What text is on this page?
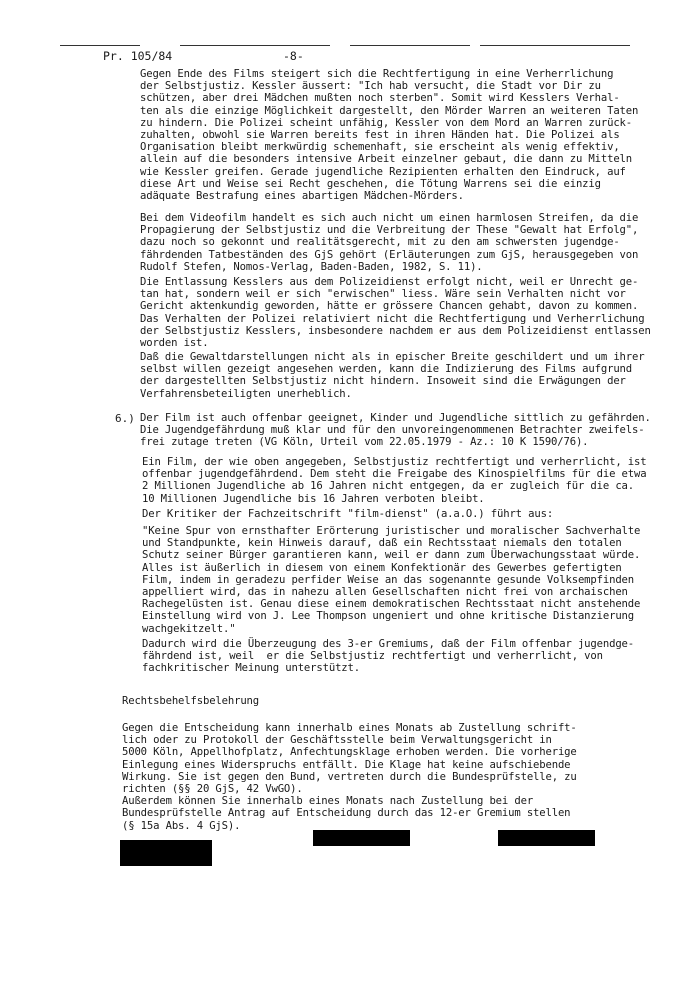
Pr. 105/84	-8-
Gegen Ende des Films steigert sich die Rechtfertigung in eine Verherrlichung
der Selbstjustiz. Kessler äussert: "Ich hab versucht, die Stadt vor Dir zu
schützen, aber drei Mädchen mußten noch sterben". Somit wird Kesslers Verhal-
ten als die einzige Möglichkeit dargestellt, den Mörder Warren an weiteren Taten
zu hindern. Die Polizei scheint unfähig, Kessler von dem Mord an Warren zurück-
zuhalten, obwohl sie Warren bereits fest in ihren Händen hat. Die Polizei als
Organisation bleibt merkwürdig schemenhaft, sie erscheint als wenig effektiv,
allein auf die besonders intensive Arbeit einzelner gebaut, die dann zu Mitteln
wie Kessler greifen. Gerade jugendliche Rezipienten erhalten den Eindruck, auf
diese Art und Weise sei Recht geschehen, die Tötung Warrens sei die einzig
adäquate Bestrafung eines abartigen Mädchen-Mörders.
Bei dem Videofilm handelt es sich auch nicht um einen harmlosen Streifen, da die
Propagierung der Selbstjustiz und die Verbreitung der These "Gewalt hat Erfolg",
dazu noch so gekonnt und realitätsgerecht, mit zu den am schwersten jugendge-
fährdenden Tatbeständen des GjS gehört (Erläuterungen zum GjS, herausgegeben von
Rudolf Stefen, Nomos-Verlag, Baden-Baden, 1982, S. 11).
Die Entlassung Kesslers aus dem Polizeidienst erfolgt nicht, weil er Unrecht ge-
tan hat, sondern weil er sich "erwischen" liess. Wäre sein Verhalten nicht vor
Gericht aktenkundig geworden, hätte er grössere Chancen gehabt, davon zu kommen.
Das Verhalten der Polizei relativiert nicht die Rechtfertigung und Verherrlichung
der Selbstjustiz Kesslers, insbesondere nachdem er aus dem Polizeidienst entlassen
worden ist.
Daß die Gewaltdarstellungen nicht als in epischer Breite geschildert und um ihrer
selbst willen gezeigt angesehen werden, kann die Indizierung des Films aufgrund
der dargestellten Selbstjustiz nicht hindern. Insoweit sind die Erwägungen der
Verfahrensbeteiligten unerheblich.
6.) Der Film ist auch offenbar geeignet, Kinder und Jugendliche sittlich zu gefährden.
Die Jugendgefährdung muß klar und für den unvoreingenommenen Betrachter zweifels-
frei zutage treten (VG Köln, Urteil vom 22.05.1979 - Az.: 10 K 1590/76).
Ein Film, der wie oben angegeben, Selbstjustiz rechtfertigt und verherrlicht, ist
offenbar jugendgefährdend. Dem steht die Freigabe des Kinospielfilms für die etwa
2 Millionen Jugendliche ab 16 Jahren nicht entgegen, da er zugleich für die ca.
10 Millionen Jugendliche bis 16 Jahren verboten bleibt.
Der Kritiker der Fachzeitschrift "film-dienst" (a.a.O.) führt aus:
"Keine Spur von ernsthafter Erörterung juristischer und moralischer Sachverhalte
und Standpunkte, kein Hinweis darauf, daß ein Rechtsstaat niemals den totalen
Schutz seiner Bürger garantieren kann, weil er dann zum Überwachungsstaat würde.
Alles ist äußerlich in diesem von einem Konfektionär des Gewerbes gefertigten
Film, indem in geradezu perfider Weise an das sogenannte gesunde Volksempfinden
appelliert wird, das in nahezu allen Gesellschaften nicht frei von archaischen
Rachegelüsten ist. Genau diese einem demokratischen Rechtsstaat nicht anstehende
Einstellung wird von J. Lee Thompson ungeniert und ohne kritische Distanzierung
wachgekitzelt."
Dadurch wird die Überzeugung des 3-er Gremiums, daß der Film offenbar jugendge-
fährdend ist, weil  er die Selbstjustiz rechtfertigt und verherrlicht, von
fachkritischer Meinung unterstützt.
Rechtsbehelfsbelehrung
Gegen die Entscheidung kann innerhalb eines Monats ab Zustellung schrift-
lich oder zu Protokoll der Geschäftsstelle beim Verwaltungsgericht in
5000 Köln, Appellhofplatz, Anfechtungsklage erhoben werden. Die vorherige
Einlegung eines Widerspruchs entfällt. Die Klage hat keine aufschiebende
Wirkung. Sie ist gegen den Bund, vertreten durch die Bundesprüfstelle, zu
richten (§§ 20 GjS, 42 VwGO).
Außerdem können Sie innerhalb eines Monats nach Zustellung bei der
Bundesprüfstelle Antrag auf Entscheidung durch das 12-er Gremium stellen
(§ 15a Abs. 4 GjS).
